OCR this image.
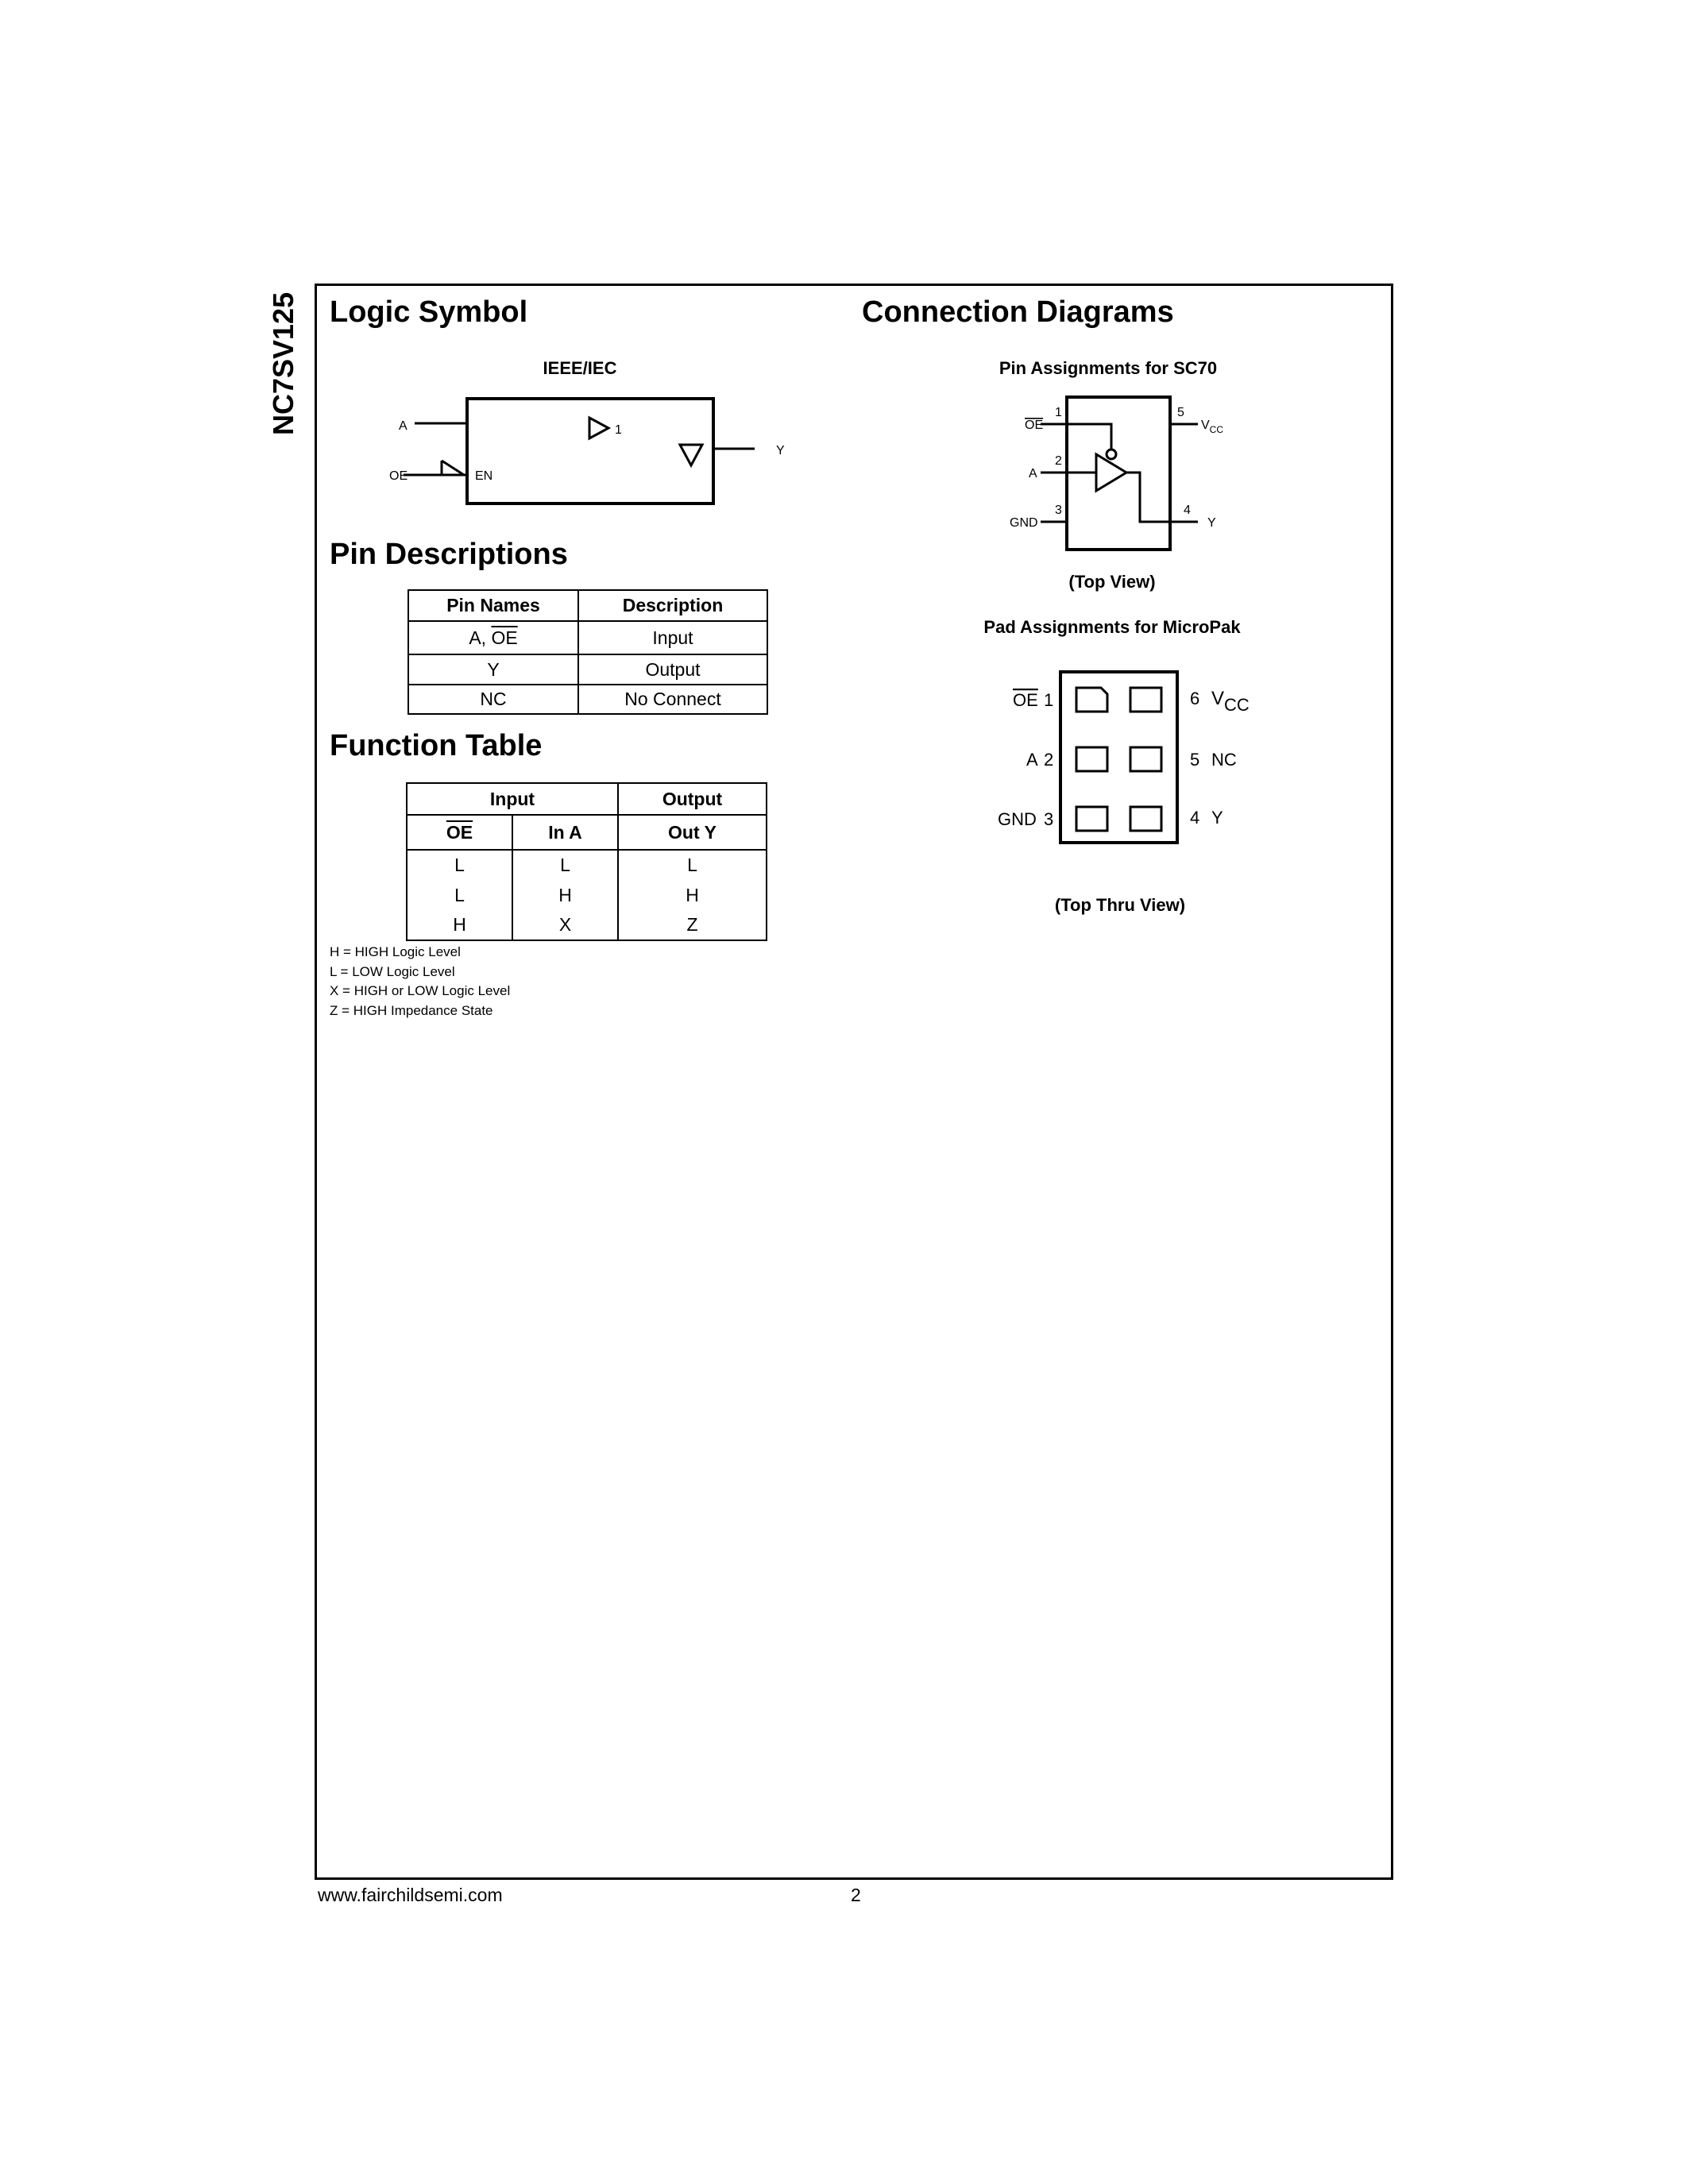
NC7SV125 Logic Symbol
IEEE/IEC
A
OE	EN
1
Y
Pin Descriptions
Pin Names	Description
A, $\overline{OE}$	Input
Y	Output
NC	No Connect
Function Table
Input		Output
$\overline{OE}$	In A	Out Y
L	L	L
L	H	H
H	X	Z
H = HIGH Logic Level
L = LOW Logic Level
X = HIGH or LOW Logic Level
Z = HIGH Impedance State
Connection Diagrams
Pin Assignments for SC70
1
OE
2
A
3
GND
5
$V_{CC}$
4
Y
(Top View)
Pad Assignments for MicroPak
OE 1
A 2
GND 3
6 VCC
5 NC
4 Y
(Top Thru View)
www.fairchildsemi.com	2
